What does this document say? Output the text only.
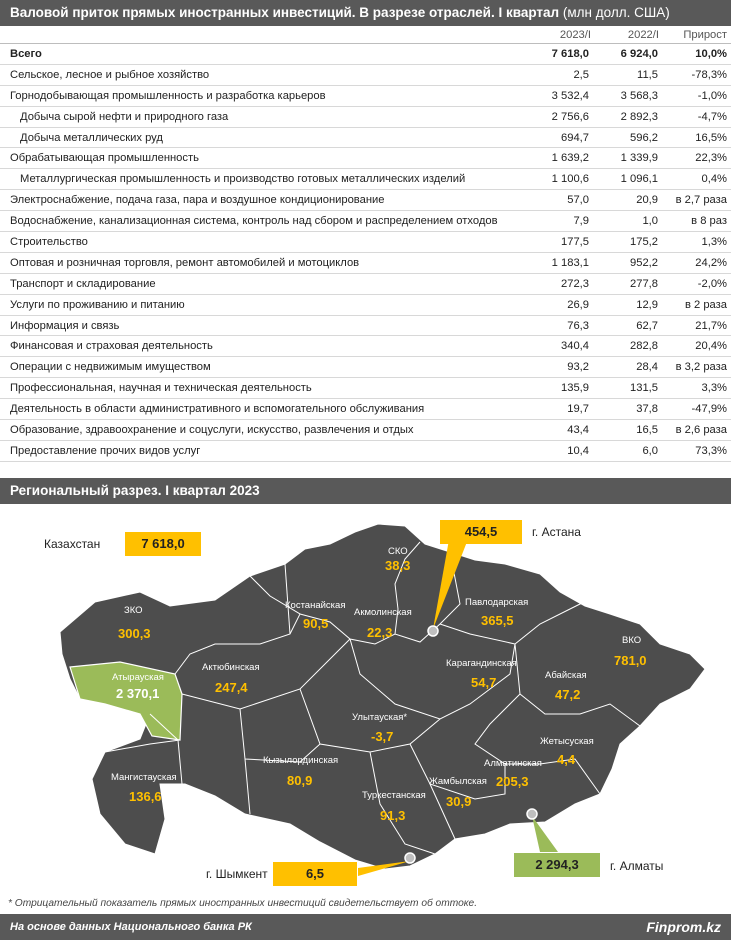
Валовой приток прямых иностранных инвестиций. В разрезе отраслей. I квартал (млн долл. США)
2023/I	2022/I Прирост
Всего	7 618,0	6 924,0	10,0%
Сельское, лесное и рыбное хозяйство	2,5	11,5	-78,3%
Горнодобывающая промышленность и разработка карьеров	3 532,4	3 568,3	-1,0%
Добыча сырой нефти и природного газа	2 756,6	2 892,3	-4,7%
Добыча металлических руд	694,7	596,2	16,5%
Обрабатывающая промышленность	1 639,2	1 339,9	22,3%
Металлургическая промышленность и производство готовых металлических изделий	1 100,6	1 096,1	0,4%
Электроснабжение, подача газа, пара и воздушное кондиционирование	57,0	20,9 в 2,7 раза
Водоснабжение, канализационная система, контроль над сбором и распределением отходов	7,9	1,0	в 8 раз
Строительство	177,5	175,2	1,3%
Оптовая и розничная торговля, ремонт автомобилей и мотоциклов	1 183,1	952,2	24,2%
Транспорт и складирование	272,3	277,8	-2,0%
Услуги по проживанию и питанию	26,9	12,9 в 2 раза
Информация и связь	76,3	62,7	21,7%
Финансовая и страховая деятельность	340,4	282,8	20,4%
Операции с недвижимым имуществом	93,2	28,4 в 3,2 раза
Профессиональная, научная и техническая деятельность	135,9	131,5	3,3%
Деятельность в области административного и вспомогательного обслуживания	19,7	37,8	-47,9%
Образование, здравоохранение и соцуслуги, искусство, развлечения и отдых	43,4	16,5 в 2,6 раза
Предоставление прочих видов услуг	10,4	6,0	73,3%
Региональный разрез. I квартал 2023
Казахстан	7 618,0
454,5	г. Астана
г. Шымкент	6,5
2 294,3	г. Алматы
СКО
38,3
Костанайская
90,5
Акмолинская
22,3
Павлодарская
365,5
ЗКО
300,3	ВКО
781,0
Атырауская
2 370,1
Актюбинская
247,4
Карагандинская
54,7	Абайская
47,2
Улытауская*
-3,7
Мангистауская
136,6
Кызылординская
80,9
Алматинская
205,3
Жетысуская
4,4
Жамбылская
30,9
Туркестанская
91,3
* Отрицательный показатель прямых иностранных инвестиций свидетельствует об оттоке.
На основе данных Национального банка РК	Finprom.kz
